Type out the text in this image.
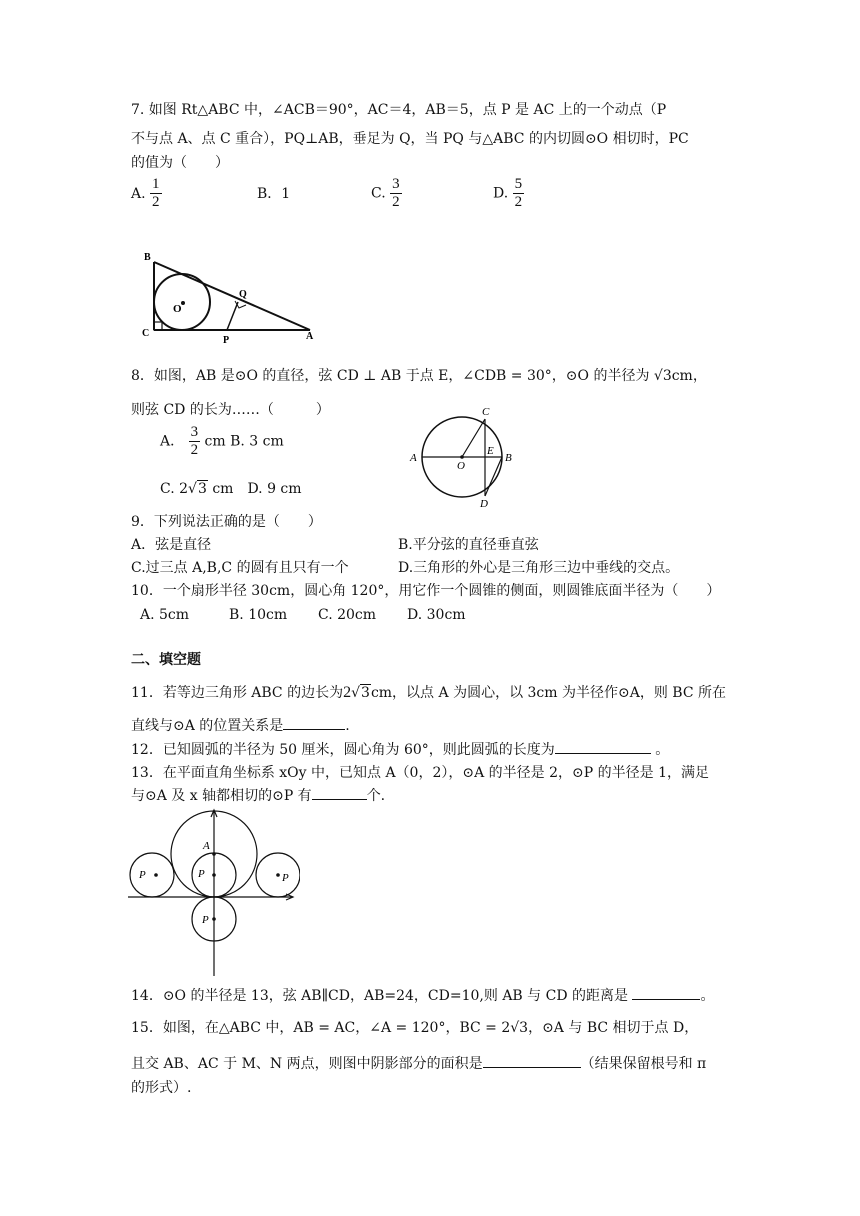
7. 如图 Rt△ABC 中，∠ACB＝90°，AC＝4，AB＝5，点 P 是 AC 上的一个动点（P
不与点 A、点 C 重合），PQ⊥AB，垂足为 Q，当 PQ 与△ABC 的内切圆⊙O 相切时，PC
的值为（　　）
A. $\frac{1}{2}$	B．1	C. $\frac{3}{2}$	D. $\frac{5}{2}$
B
O
Q
C
P	A
8．如图，AB 是⊙O 的直径，弦 CD ⊥ AB 于点 E，∠CDB = 30°，⊙O 的半径为 √3cm，
则弦 CD 的长为……（　　　）
A． $\frac{3}{2}$ cm B. 3 cm
C. 2√3 cm　D. 9 cm
A	B
C
D
E
O
9．下列说法正确的是（　　）
A．弦是直径	B.平分弦的直径垂直弦
C.过三点 A,B,C 的圆有且只有一个	D.三角形的外心是三角形三边中垂线的交点。
10．一个扇形半径 30cm，圆心角 120°，用它作一个圆锥的侧面，则圆锥底面半径为（　　）
A. 5cm	B. 10cm C. 20cm D. 30cm
二、填空题
11．若等边三角形 ABC 的边长为2√3cm，以点 A 为圆心，以 3cm 为半径作⊙A，则 BC 所在
直线与⊙A 的位置关系是	.
12．已知圆弧的半径为 50 厘米，圆心角为 60°，则此圆弧的长度为	。
13．在平面直角坐标系 xOy 中，已知点 A（0，2），⊙A 的半径是 2，⊙P 的半径是 1，满足
与⊙A 及 x 轴都相切的⊙P 有	个.
A
P
P
P	P
14．⊙O 的半径是 13，弦 AB∥CD，AB=24，CD=10,则 AB 与 CD 的距离是	。
15．如图，在△ABC 中，AB = AC，∠A = 120°，BC = 2√3，⊙A 与 BC 相切于点 D，
且交 AB、AC 于 M、N 两点，则图中阴影部分的面积是	（结果保留根号和 π
的形式）.
